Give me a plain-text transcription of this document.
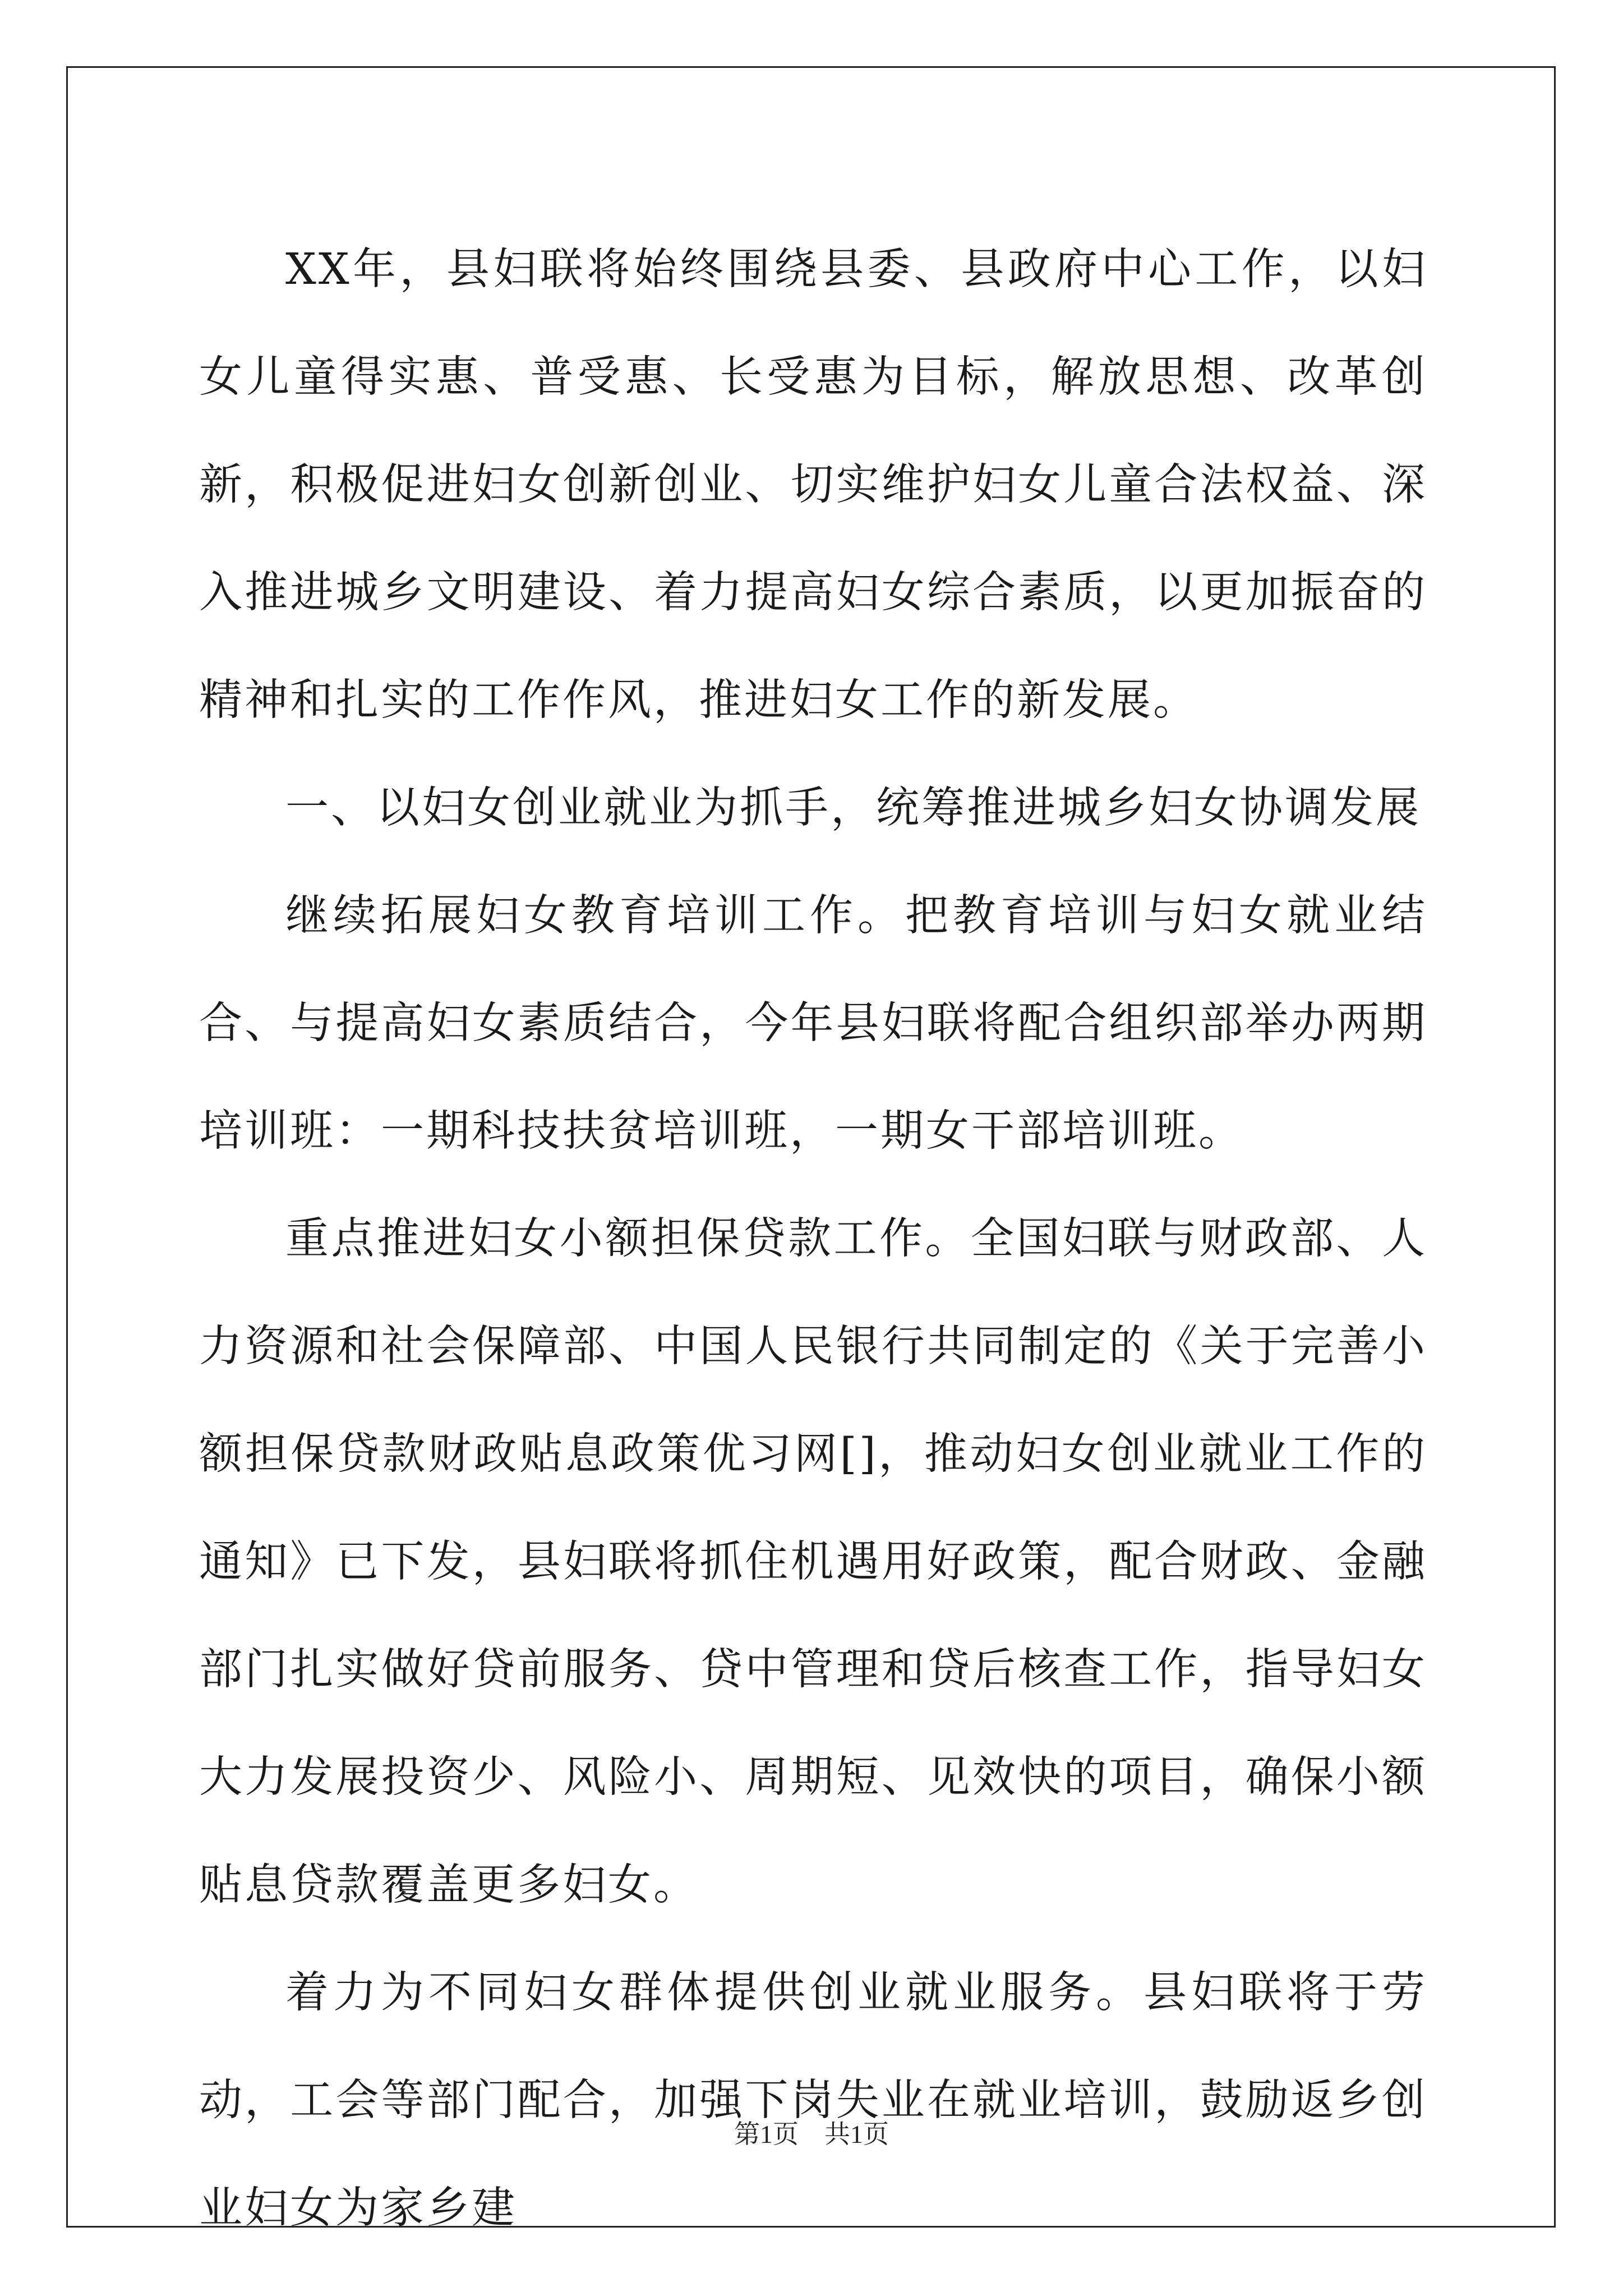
XX年，县妇联将始终围绕县委、县政府中心工作，以妇女儿童得实惠、普受惠、长受惠为目标，解放思想、改革创新，积极促进妇女创新创业、切实维护妇女儿童合法权益、深入推进城乡文明建设、着力提高妇女综合素质，以更加振奋的精神和扎实的工作作风，推进妇女工作的新发展。

一、以妇女创业就业为抓手，统筹推进城乡妇女协调发展

继续拓展妇女教育培训工作。把教育培训与妇女就业结合、与提高妇女素质结合，今年县妇联将配合组织部举办两期培训班：一期科技扶贫培训班，一期女干部培训班。

重点推进妇女小额担保贷款工作。全国妇联与财政部、人力资源和社会保障部、中国人民银行共同制定的《关于完善小额担保贷款财政贴息政策优习网[]，推动妇女创业就业工作的通知》已下发，县妇联将抓住机遇用好政策，配合财政、金融部门扎实做好贷前服务、贷中管理和贷后核查工作，指导妇女大力发展投资少、风险小、周期短、见效快的项目，确保小额贴息贷款覆盖更多妇女。

着力为不同妇女群体提供创业就业服务。县妇联将于劳动，工会等部门配合，加强下岗失业在就业培训，鼓励返乡创业妇女为家乡建

第1页　共1页
